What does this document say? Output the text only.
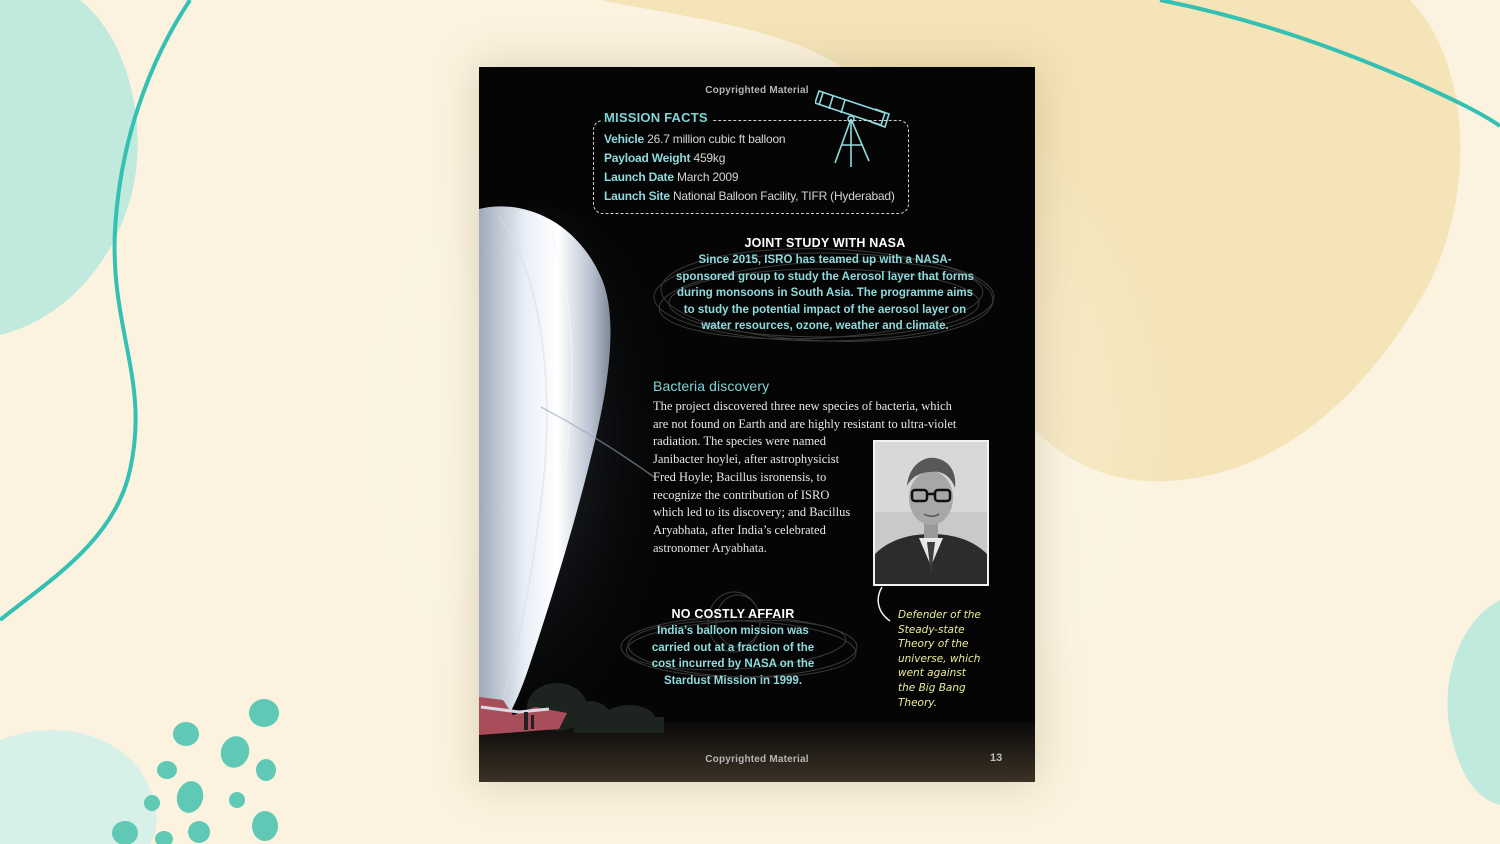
Copyrighted Material
MISSION FACTS
Vehicle 26.7 million cubic ft balloon
Payload Weight 459kg
Launch Date March 2009
Launch Site National Balloon Facility, TIFR (Hyderabad)
JOINT STUDY WITH NASA
Since 2015, ISRO has teamed up with a NASA-
sponsored group to study the Aerosol layer that forms
during monsoons in South Asia. The programme aims
to study the potential impact of the aerosol layer on
water resources, ozone, weather and climate.
Bacteria discovery
The project discovered three new species of bacteria, which
are not found on Earth and are highly resistant to ultra-violet
radiation. The species were named
Janibacter hoylei, after astrophysicist
Fred Hoyle; Bacillus isronensis, to
recognize the contribution of ISRO
which led to its discovery; and Bacillus
Aryabhata, after India’s celebrated
astronomer Aryabhata.
Defender of the
Steady-state
Theory of the
universe, which
went against
the Big Bang
Theory.
NO COSTLY AFFAIR
India’s balloon mission was
carried out at a fraction of the
cost incurred by NASA on the
Stardust Mission in 1999.
Copyrighted Material	13
